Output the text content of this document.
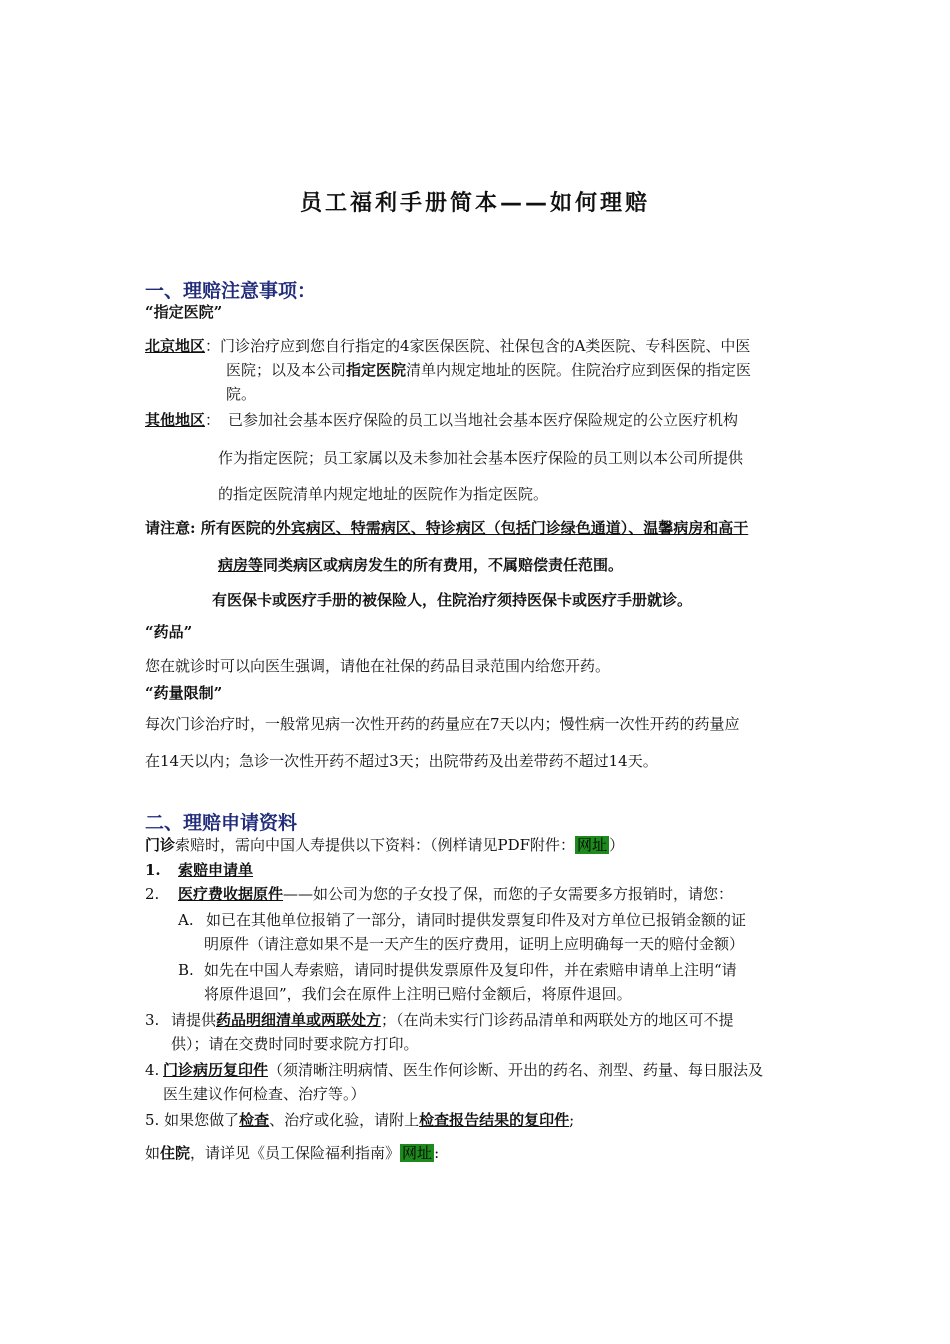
员工福利手册简本——如何理赔
一、理赔注意事项：
“指定医院”
北京地区：门诊治疗应到您自行指定的4家医保医院、社保包含的A类医院、专科医院、中医
医院；以及本公司指定医院清单内规定地址的医院。住院治疗应到医保的指定医
院。
其他地区： 已参加社会基本医疗保险的员工以当地社会基本医疗保险规定的公立医疗机构
作为指定医院；员工家属以及未参加社会基本医疗保险的员工则以本公司所提供
的指定医院清单内规定地址的医院作为指定医院。
请注意: 所有医院的外宾病区、特需病区、特诊病区（包括门诊绿色通道）、温馨病房和高干
病房等同类病区或病房发生的所有费用，不属赔偿责任范围。
有医保卡或医疗手册的被保险人，住院治疗须持医保卡或医疗手册就诊。
“药品”
您在就诊时可以向医生强调，请他在社保的药品目录范围内给您开药。
“药量限制”
每次门诊治疗时，一般常见病一次性开药的药量应在7天以内；慢性病一次性开药的药量应
在14天以内；急诊一次性开药不超过3天；出院带药及出差带药不超过14天。
二、理赔申请资料
门诊索赔时，需向中国人寿提供以下资料：（例样请见PDF附件： 网址 ）
1. 索赔申请单
2. 医疗费收据原件——如公司为您的子女投了保，而您的子女需要多方报销时，请您：
A. 如已在其他单位报销了一部分，请同时提供发票复印件及对方单位已报销金额的证
明原件（请注意如果不是一天产生的医疗费用，证明上应明确每一天的赔付金额）
B. 如先在中国人寿索赔，请同时提供发票原件及复印件，并在索赔申请单上注明“请
将原件退回”，我们会在原件上注明已赔付金额后，将原件退回。
3. 请提供药品明细清单或两联处方；（在尚未实行门诊药品清单和两联处方的地区可不提
供）；请在交费时同时要求院方打印。
4. 门诊病历复印件（须清晰注明病情、医生作何诊断、开出的药名、剂型、药量、每日服法及
医生建议作何检查、治疗等。）
5. 如果您做了检查、治疗或化验，请附上检查报告结果的复印件;
如住院，请详见《员工保险福利指南》 网址 :
